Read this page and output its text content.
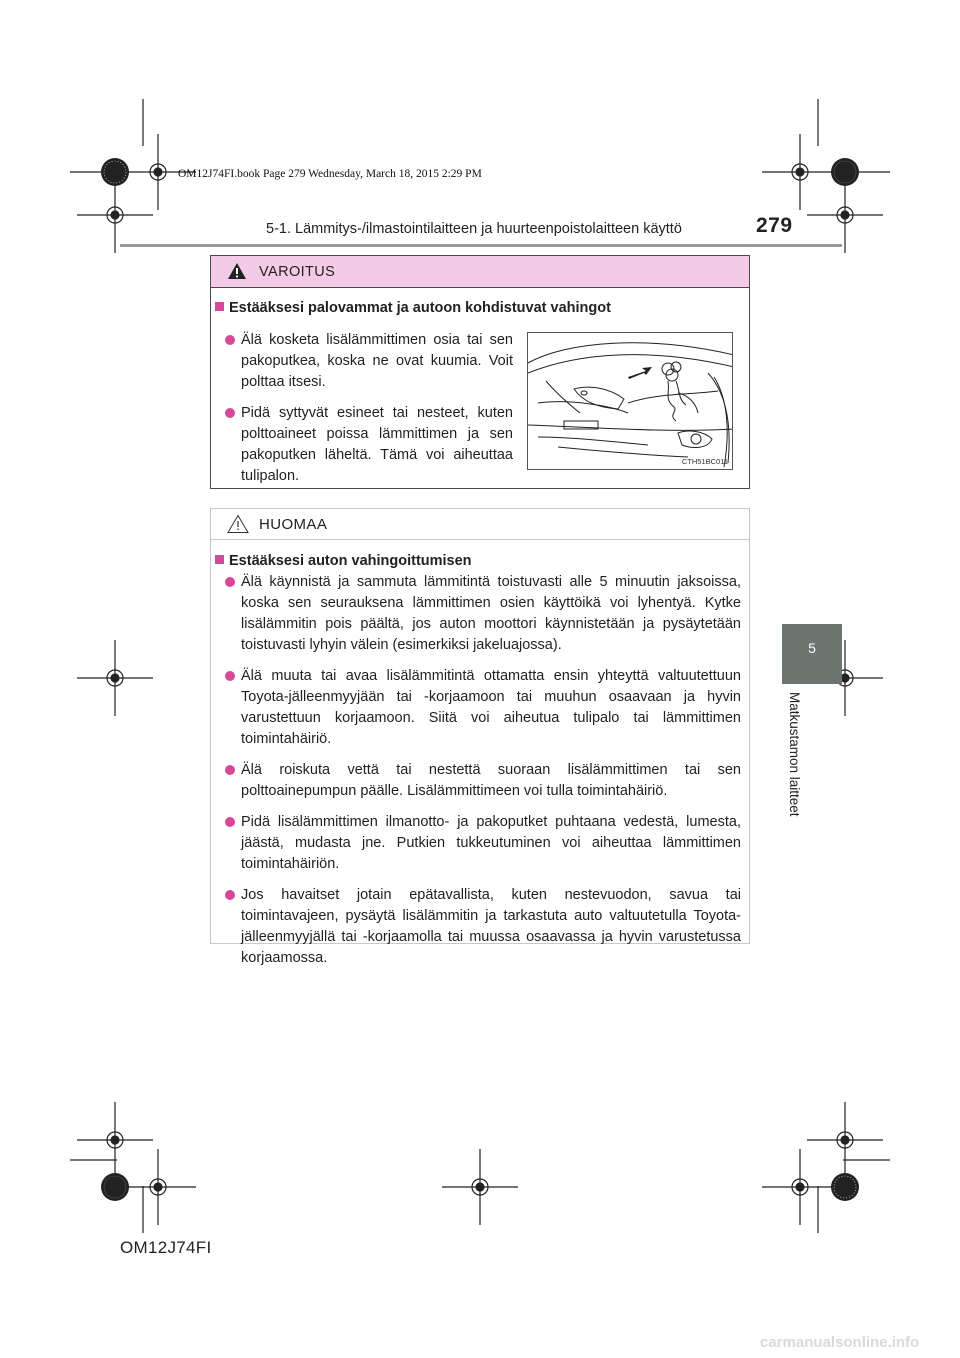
OM12J74FI.book Page 279 Wednesday, March 18, 2015 2:29 PM
5-1. Lämmitys-/ilmastointilaitteen ja huurteenpoistolaitteen käyttö	279
5
Matkustamon laitteet
VAROITUS
Estääksesi palovammat ja autoon kohdistuvat vahingot
Älä kosketa lisälämmittimen osia tai sen pakoputkea, koska ne ovat kuumia. Voit polttaa itsesi.
Pidä syttyvät esineet tai nesteet, kuten polttoaineet poissa lämmittimen ja sen pakoputken läheltä. Tämä voi aiheuttaa tulipalon.
CTH51BC011
HUOMAA
Estääksesi auton vahingoittumisen
Älä käynnistä ja sammuta lämmitintä toistuvasti alle 5 minuutin jaksoissa, koska sen seurauksena lämmittimen osien käyttöikä voi lyhentyä. Kytke lisälämmitin pois päältä, jos auton moottori käynnistetään ja pysäytetään toistuvasti lyhyin välein (esimerkiksi jakeluajossa).
Älä muuta tai avaa lisälämmitintä ottamatta ensin yhteyttä valtuutettuun Toyota-jälleenmyyjään tai -korjaamoon tai muuhun osaavaan ja hyvin varustettuun korjaamoon. Siitä voi aiheutua tulipalo tai lämmittimen toimintahäiriö.
Älä roiskuta vettä tai nestettä suoraan lisälämmittimen tai sen polttoainepumpun päälle. Lisälämmittimeen voi tulla toimintahäiriö.
Pidä lisälämmittimen ilmanotto- ja pakoputket puhtaana vedestä, lumesta, jäästä, mudasta jne. Putkien tukkeutuminen voi aiheuttaa lämmittimen toimintahäiriön.
Jos havaitset jotain epätavallista, kuten nestevuodon, savua tai toimintavajeen, pysäytä lisälämmitin ja tarkastuta auto valtuutetulla Toyota-jälleenmyyjällä tai -korjaamolla tai muussa osaavassa ja hyvin varustetussa korjaamossa.
OM12J74FI
carmanualsonline.info
